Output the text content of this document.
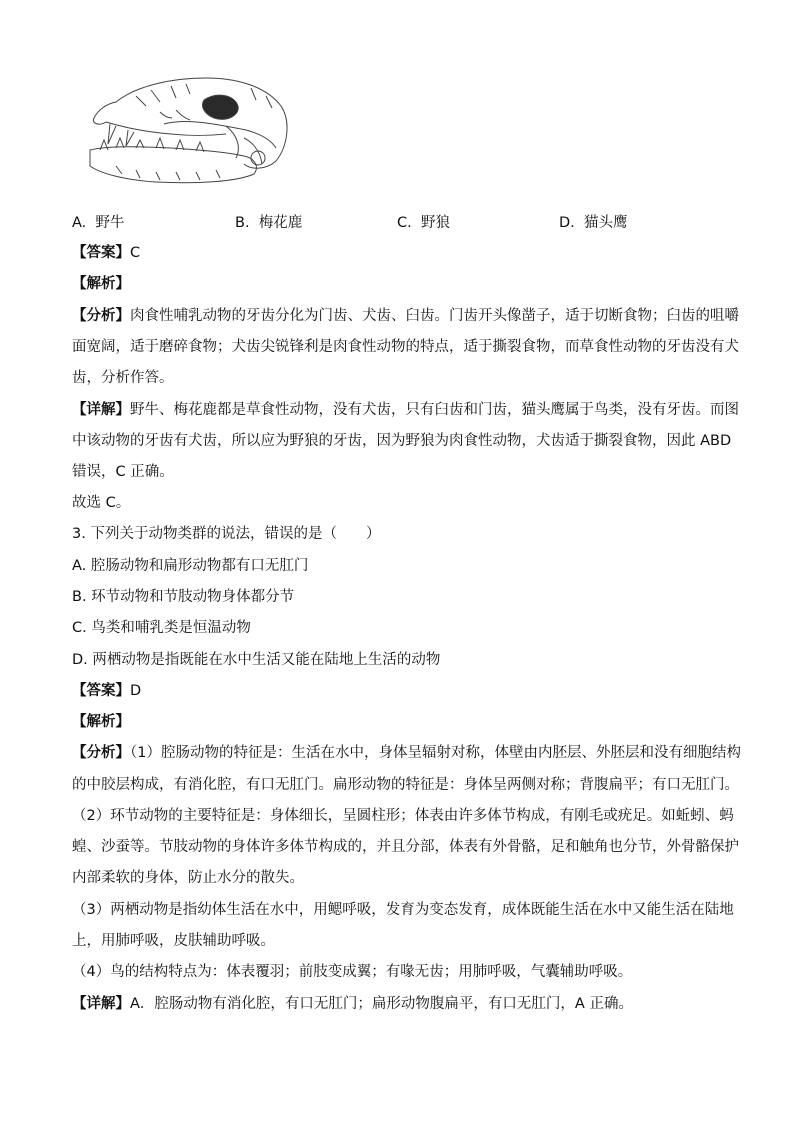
A. 野牛	B. 梅花鹿	C. 野狼	D. 猫头鹰
【答案】C
【解析】
【分析】肉食性哺乳动物的牙齿分化为门齿、犬齿、臼齿。门齿开头像凿子，适于切断食物；臼齿的咀嚼
面宽阔，适于磨碎食物；犬齿尖锐锋利是肉食性动物的特点，适于撕裂食物，而草食性动物的牙齿没有犬
齿，分析作答。
【详解】野牛、梅花鹿都是草食性动物，没有犬齿，只有臼齿和门齿，猫头鹰属于鸟类，没有牙齿。而图
中该动物的牙齿有犬齿，所以应为野狼的牙齿，因为野狼为肉食性动物，犬齿适于撕裂食物，因此 ABD
错误，C 正确。
故选 C。
3. 下列关于动物类群的说法，错误的是（　　）
A. 腔肠动物和扁形动物都有口无肛门
B. 环节动物和节肢动物身体都分节
C. 鸟类和哺乳类是恒温动物
D. 两栖动物是指既能在水中生活又能在陆地上生活的动物
【答案】D
【解析】
【分析】（1）腔肠动物的特征是：生活在水中，身体呈辐射对称，体壁由内胚层、外胚层和没有细胞结构
的中胶层构成，有消化腔，有口无肛门。扁形动物的特征是：身体呈两侧对称；背腹扁平；有口无肛门。
（2）环节动物的主要特征是：身体细长，呈圆柱形；体表由许多体节构成，有刚毛或疣足。如蚯蚓、蚂
蝗、沙蚕等。节肢动物的身体许多体节构成的，并且分部，体表有外骨骼，足和触角也分节，外骨骼保护
内部柔软的身体，防止水分的散失。
（3）两栖动物是指幼体生活在水中，用鳃呼吸，发育为变态发育，成体既能生活在水中又能生活在陆地
上，用肺呼吸，皮肤辅助呼吸。
（4）鸟的结构特点为：体表覆羽；前肢变成翼；有喙无齿；用肺呼吸，气囊辅助呼吸。
【详解】A．腔肠动物有消化腔，有口无肛门；扁形动物腹扁平，有口无肛门，A 正确。
